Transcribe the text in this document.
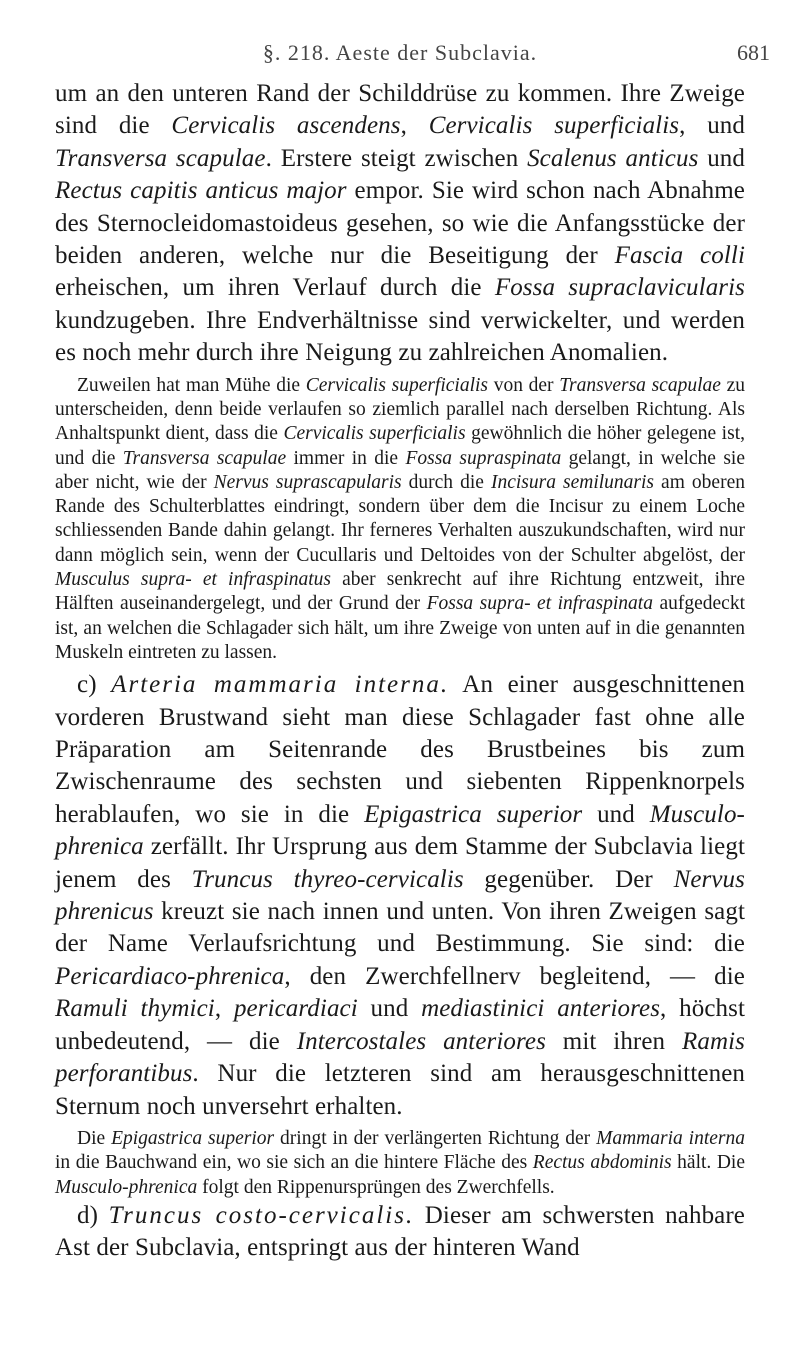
§. 218. Aeste der Subclavia.	681

um an den unteren Rand der Schilddrüse zu kommen. Ihre Zweige sind die Cervicalis ascendens, Cervicalis superficialis, und Transversa scapulae. Erstere steigt zwischen Scalenus anticus und Rectus capitis anticus major empor. Sie wird schon nach Abnahme des Sternocleidomastoideus gesehen, so wie die Anfangsstücke der beiden anderen, welche nur die Beseitigung der Fascia colli erheischen, um ihren Verlauf durch die Fossa supraclavicularis kundzugeben. Ihre Endverhältnisse sind verwickelter, und werden es noch mehr durch ihre Neigung zu zahlreichen Anomalien.

Zuweilen hat man Mühe die Cervicalis superficialis von der Transversa scapulae zu unterscheiden, denn beide verlaufen so ziemlich parallel nach derselben Richtung. Als Anhaltspunkt dient, dass die Cervicalis superficialis gewöhnlich die höher gelegene ist, und die Transversa scapulae immer in die Fossa supraspinata gelangt, in welche sie aber nicht, wie der Nervus suprascapularis durch die Incisura semilunaris am oberen Rande des Schulterblattes eindringt, sondern über dem die Incisur zu einem Loche schliessenden Bande dahin gelangt. Ihr ferneres Verhalten auszukundschaften, wird nur dann möglich sein, wenn der Cucullaris und Deltoides von der Schulter abgelöst, der Musculus supra- et infraspinatus aber senkrecht auf ihre Richtung entzweit, ihre Hälften auseinandergelegt, und der Grund der Fossa supra- et infraspinata aufgedeckt ist, an welchen die Schlagader sich hält, um ihre Zweige von unten auf in die genannten Muskeln eintreten zu lassen.

c) Arteria mammaria interna. An einer ausgeschnittenen vorderen Brustwand sieht man diese Schlagader fast ohne alle Präparation am Seitenrande des Brustbeines bis zum Zwischenraume des sechsten und siebenten Rippenknorpels herablaufen, wo sie in die Epigastrica superior und Musculo-phrenica zerfällt. Ihr Ursprung aus dem Stamme der Subclavia liegt jenem des Truncus thyreo-cervicalis gegenüber. Der Nervus phrenicus kreuzt sie nach innen und unten. Von ihren Zweigen sagt der Name Verlaufsrichtung und Bestimmung. Sie sind: die Pericardiaco-phrenica, den Zwerchfellnerv begleitend, — die Ramuli thymici, pericardiaci und mediastinici anteriores, höchst unbedeutend, — die Intercostales anteriores mit ihren Ramis perforantibus. Nur die letzteren sind am herausgeschnittenen Sternum noch unversehrt erhalten.

Die Epigastrica superior dringt in der verlängerten Richtung der Mammaria interna in die Bauchwand ein, wo sie sich an die hintere Fläche des Rectus abdominis hält. Die Musculo-phrenica folgt den Rippenursprüngen des Zwerchfells.

d) Truncus costo-cervicalis. Dieser am schwersten nahbare Ast der Subclavia, entspringt aus der hinteren Wand
